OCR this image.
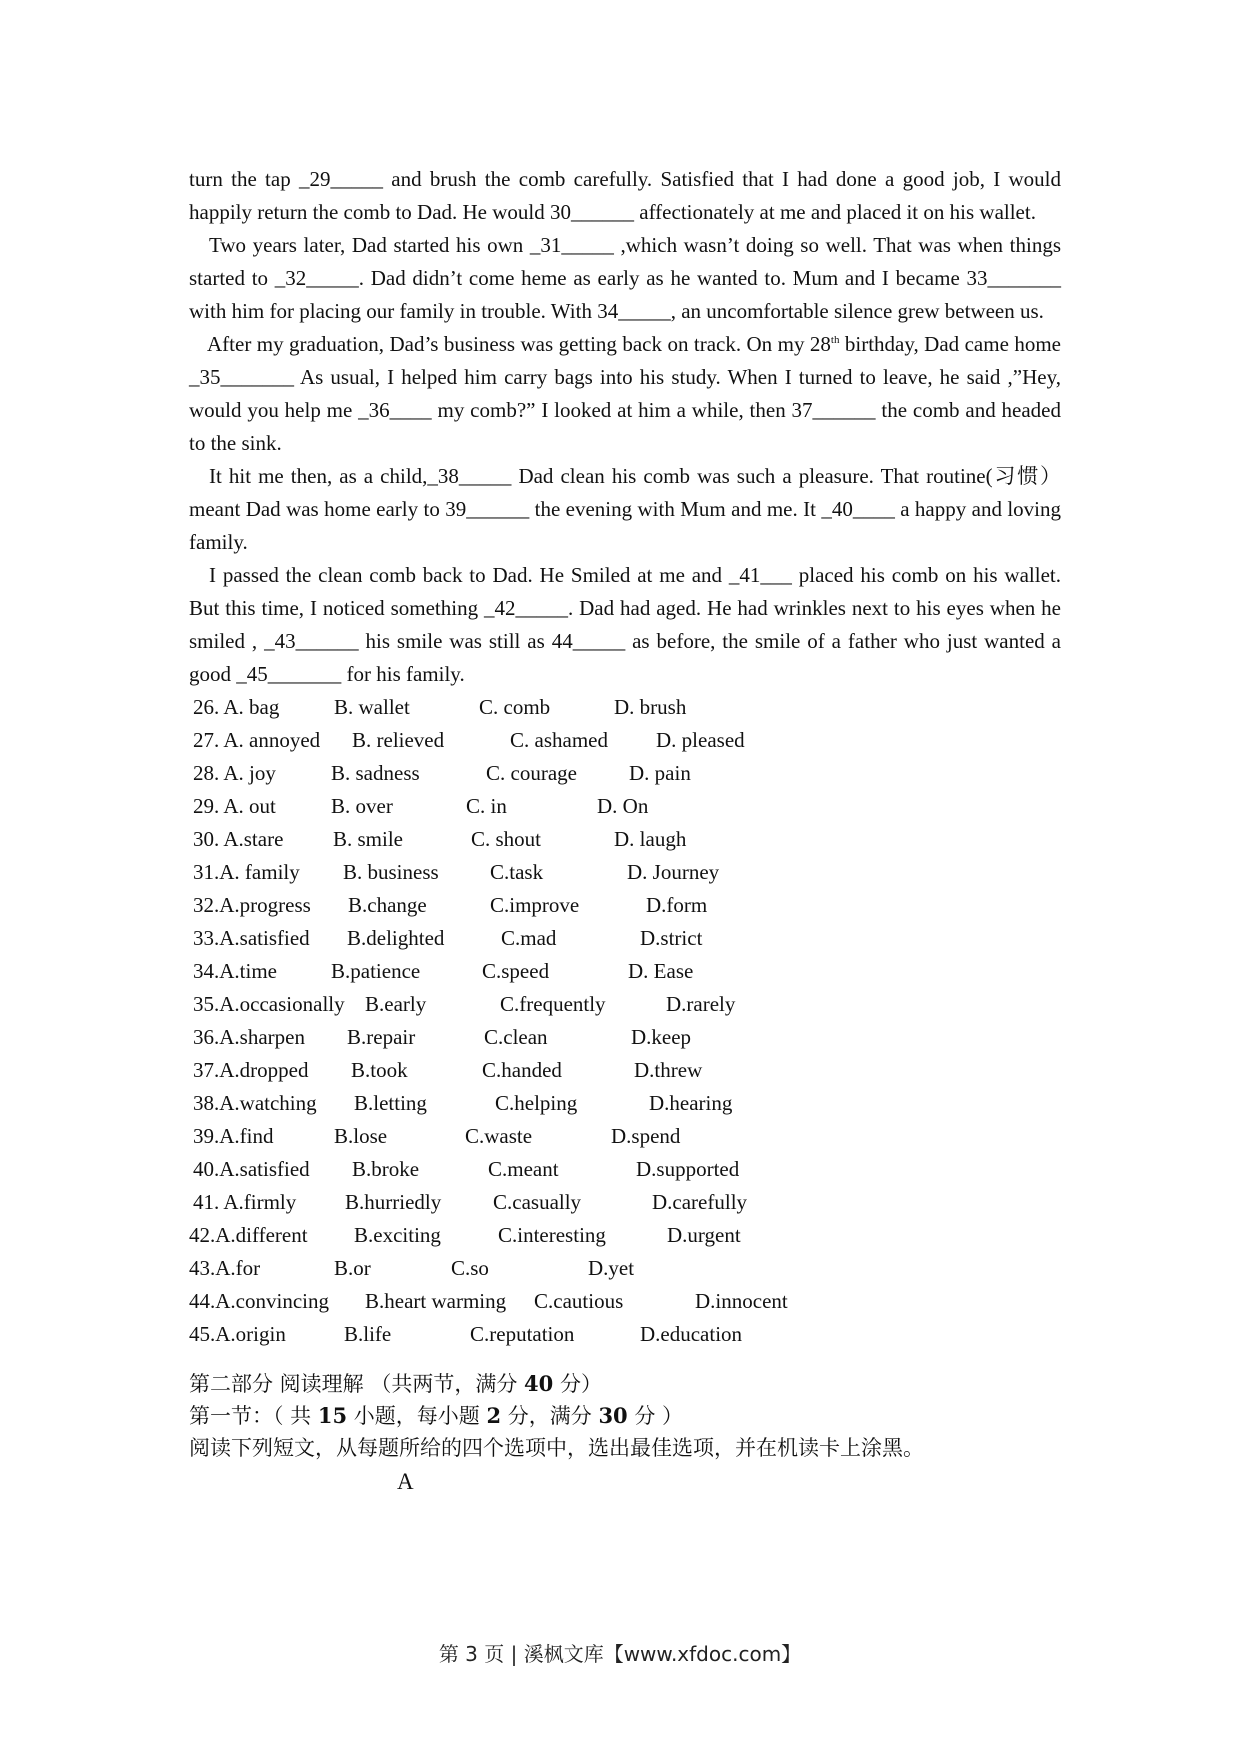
turn the tap _29_____ and brush the comb carefully. Satisfied that I had done a good job, I would happily return the comb to Dad. He would 30______ affectionately at me and placed it on his wallet.

Two years later, Dad started his own _31_____ ,which wasn’t doing so well. That was when things started to _32_____. Dad didn’t come heme as early as he wanted to. Mum and I became 33_______ with him for placing our family in trouble. With 34_____, an uncomfortable silence grew between us.

After my graduation, Dad’s business was getting back on track. On my 28th birthday, Dad came home _35_______ As usual, I helped him carry bags into his study. When I turned to leave, he said ,”Hey, would you help me _36____ my comb?” I looked at him a while, then 37______ the comb and headed to the sink.

It hit me then, as a child,_38_____ Dad clean his comb was such a pleasure. That routine(习惯）meant Dad was home early to 39______ the evening with Mum and me. It _40____ a happy and loving family.

I passed the clean comb back to Dad. He Smiled at me and _41___ placed his comb on his wallet. But this time, I noticed something _42_____. Dad had aged. He had wrinkles next to his eyes when he smiled , _43______ his smile was still as 44_____ as before, the smile of a father who just wanted a good _45_______ for his family.

26. A. bag	B. wallet	C. comb	D. brush
27. A. annoyed B. relieved	C. ashamed D. pleased
28. A. joy	B. sadness	C. courage D. pain
29. A. out	B. over	C. in	D. On
30. A.stare B. smile	C. shout	D. laugh
31.A. family B. business C.task	D. Journey
32.A.progress B.change	C.improve	D.form
33.A.satisfied B.delighted	C.mad	D.strict
34.A.time	B.patience	C.speed	D. Ease
35.A.occasionally B.early	C.frequently	D.rarely
36.A.sharpen B.repair	C.clean	D.keep
37.A.dropped B.took	C.handed	D.threw
38.A.watching B.letting	C.helping	D.hearing
39.A.find	B.lose	C.waste	D.spend
40.A.satisfied B.broke	C.meant	D.supported
41. A.firmly B.hurriedly C.casually	D.carefully
42.A.different B.exciting	C.interesting	D.urgent
43.A.for	B.or	C.so	D.yet
44.A.convincing B.heart warming C.cautious	D.innocent
45.A.origin	B.life	C.reputation	D.education
第二部分 阅读理解 （共两节，满分 40 分）
第一节：（ 共 15 小题，每小题 2 分，满分 30 分 ）
阅读下列短文，从每题所给的四个选项中，选出最佳选项，并在机读卡上涂黑。
A
第 3 页 | 溪枫文库【www.xfdoc.com】
